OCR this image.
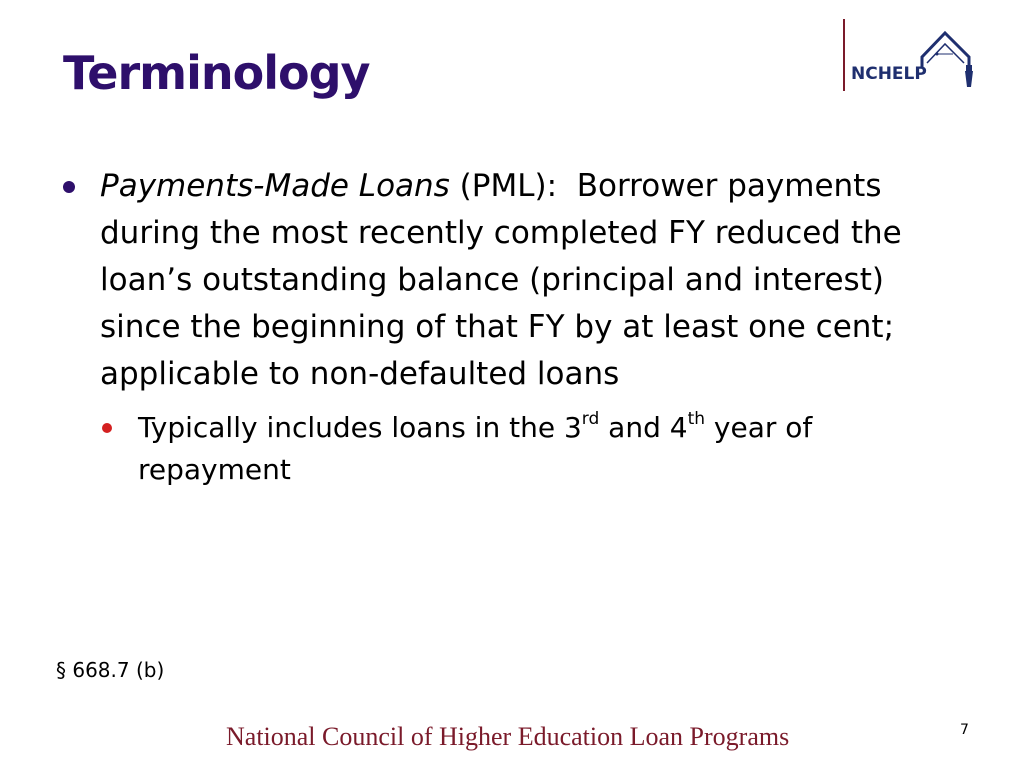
Terminology	NCHELP
Payments-Made Loans (PML):  Borrower payments during the most recently completed FY reduced the loan’s outstanding balance (principal and interest) since the beginning of that FY by at least one cent; applicable to non-defaulted loans
Typically includes loans in the 3rd and 4th year of repayment
§ 668.7 (b)
National Council of Higher Education Loan Programs	7
